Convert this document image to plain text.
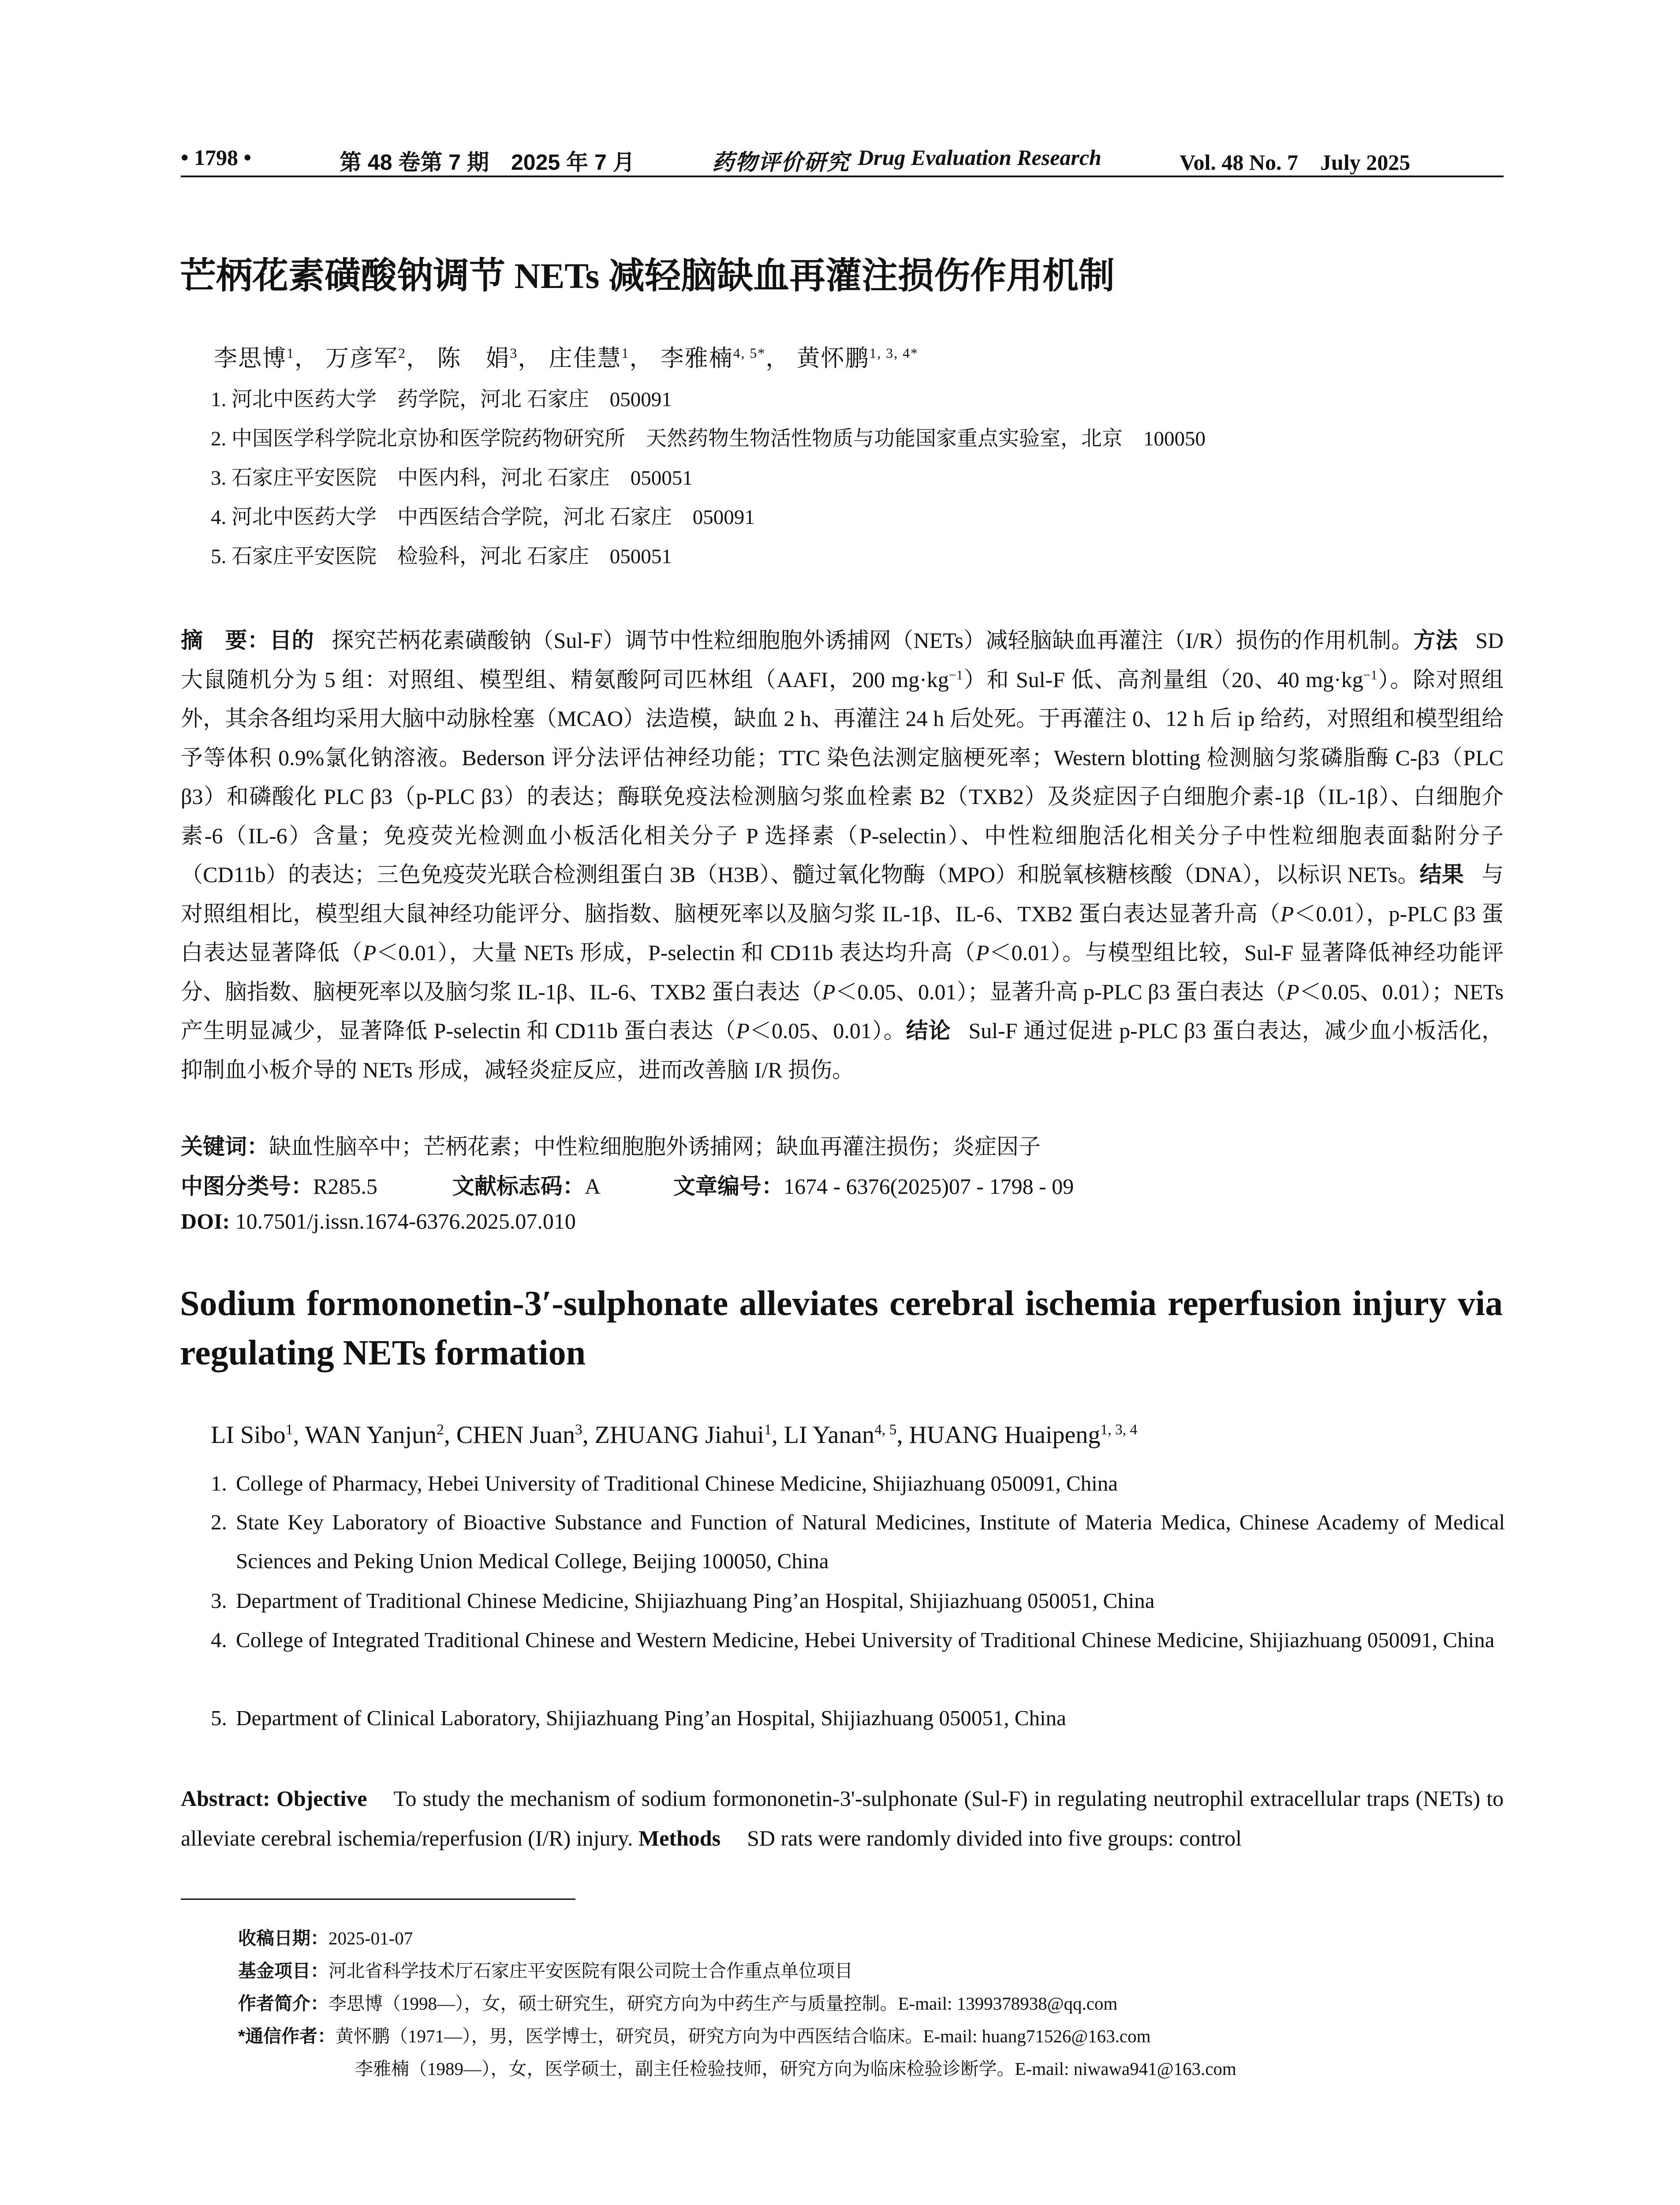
• 1798 •	第 48 卷第 7 期　2025 年 7 月	药物评价研究 Drug Evaluation Research	Vol. 48 No. 7　July 2025
芒柄花素磺酸钠调节 NETs 减轻脑缺血再灌注损伤作用机制
李思博$^1$， 万彦军$^2$， 陈　娟$^3$， 庄佳慧$^1$， 李雅楠$^{4, 5*}$， 黄怀鹏$^{1, 3, 4*}$
1. 河北中医药大学　药学院，河北 石家庄　050091
2. 中国医学科学院北京协和医学院药物研究所　天然药物生物活性物质与功能国家重点实验室，北京　100050
3. 石家庄平安医院　中医内科，河北 石家庄　050051
4. 河北中医药大学　中西医结合学院，河北 石家庄　050091
5. 石家庄平安医院　检验科，河北 石家庄　050051
摘　要：目的 探究芒柄花素磺酸钠（Sul-F）调节中性粒细胞胞外诱捕网（NETs）减轻脑缺血再灌注（I/R）损伤的作用机制。方法 SD 大鼠随机分为 5 组：对照组、模型组、精氨酸阿司匹林组（AAFI，200 $mg\cdot kg^{-1}$）和 Sul-F 低、高剂量组（20、40 $mg\cdot kg^{-1}$）。除对照组外，其余各组均采用大脑中动脉栓塞（MCAO）法造模，缺血 2 h、再灌注 24 h 后处死。于再灌注 0、12 h 后 ip 给药，对照组和模型组给予等体积 0.9%氯化钠溶液。Bederson 评分法评估神经功能；TTC 染色法测定脑梗死率；Western blotting 检测脑匀浆磷脂酶 C-β3（PLC β3）和磷酸化 PLC β3（p-PLC β3）的表达；酶联免疫法检测脑匀浆血栓素 B2（TXB2）及炎症因子白细胞介素-1β（IL-1β）、白细胞介素-6（IL-6）含量；免疫荧光检测血小板活化相关分子 P 选择素（P-selectin）、中性粒细胞活化相关分子中性粒细胞表面黏附分子（CD11b）的表达；三色免疫荧光联合检测组蛋白 3B（H3B）、髓过氧化物酶（MPO）和脱氧核糖核酸（DNA），以标识 NETs。结果 与对照组相比，模型组大鼠神经功能评分、脑指数、脑梗死率以及脑匀浆 IL-1β、IL-6、TXB2 蛋白表达显著升高（P＜0.01），p-PLC β3 蛋白表达显著降低（P＜0.01），大量 NETs 形成，P-selectin 和 CD11b 表达均升高（P＜0.01）。与模型组比较，Sul-F 显著降低神经功能评分、脑指数、脑梗死率以及脑匀浆 IL-1β、IL-6、TXB2 蛋白表达（P＜0.05、0.01）；显著升高 p-PLC β3 蛋白表达（P＜0.05、0.01）；NETs 产生明显减少，显著降低 P-selectin 和 CD11b 蛋白表达（P＜0.05、0.01）。结论 Sul-F 通过促进 p-PLC β3 蛋白表达，减少血小板活化，抑制血小板介导的 NETs 形成，减轻炎症反应，进而改善脑 I/R 损伤。
关键词：缺血性脑卒中；芒柄花素；中性粒细胞胞外诱捕网；缺血再灌注损伤；炎症因子
中图分类号：R285.5	文献标志码：A	文章编号：1674 - 6376(2025)07 - 1798 - 09
DOI: 10.7501/j.issn.1674-6376.2025.07.010
Sodium formononetin-3′-sulphonate alleviates cerebral ischemia reperfusion injury via regulating NETs formation
LI Sibo$^1$, WAN Yanjun$^2$, CHEN Juan$^3$, ZHUANG Jiahui$^1$, LI Yanan$^{4, 5}$, HUANG Huaipeng$^{1, 3, 4}$
1. College of Pharmacy, Hebei University of Traditional Chinese Medicine, Shijiazhuang 050091, China
2. State Key Laboratory of Bioactive Substance and Function of Natural Medicines, Institute of Materia Medica, Chinese Academy of Medical Sciences and Peking Union Medical College, Beijing 100050, China
3. Department of Traditional Chinese Medicine, Shijiazhuang Ping’an Hospital, Shijiazhuang 050051, China
4. College of Integrated Traditional Chinese and Western Medicine, Hebei University of Traditional Chinese Medicine, Shijiazhuang 050091, China
5. Department of Clinical Laboratory, Shijiazhuang Ping’an Hospital, Shijiazhuang 050051, China
Abstract: Objective To study the mechanism of sodium formononetin-3'-sulphonate (Sul-F) in regulating neutrophil extracellular traps (NETs) to alleviate cerebral ischemia/reperfusion (I/R) injury. Methods SD rats were randomly divided into five groups: control
收稿日期：2025-01-07
基金项目：河北省科学技术厅石家庄平安医院有限公司院士合作重点单位项目
作者简介：李思博（1998—），女，硕士研究生，研究方向为中药生产与质量控制。E-mail: 1399378938@qq.com
*通信作者：黄怀鹏（1971—），男，医学博士，研究员，研究方向为中西医结合临床。E-mail: huang71526@163.com
李雅楠（1989—），女，医学硕士，副主任检验技师，研究方向为临床检验诊断学。E-mail: niwawa941@163.com
